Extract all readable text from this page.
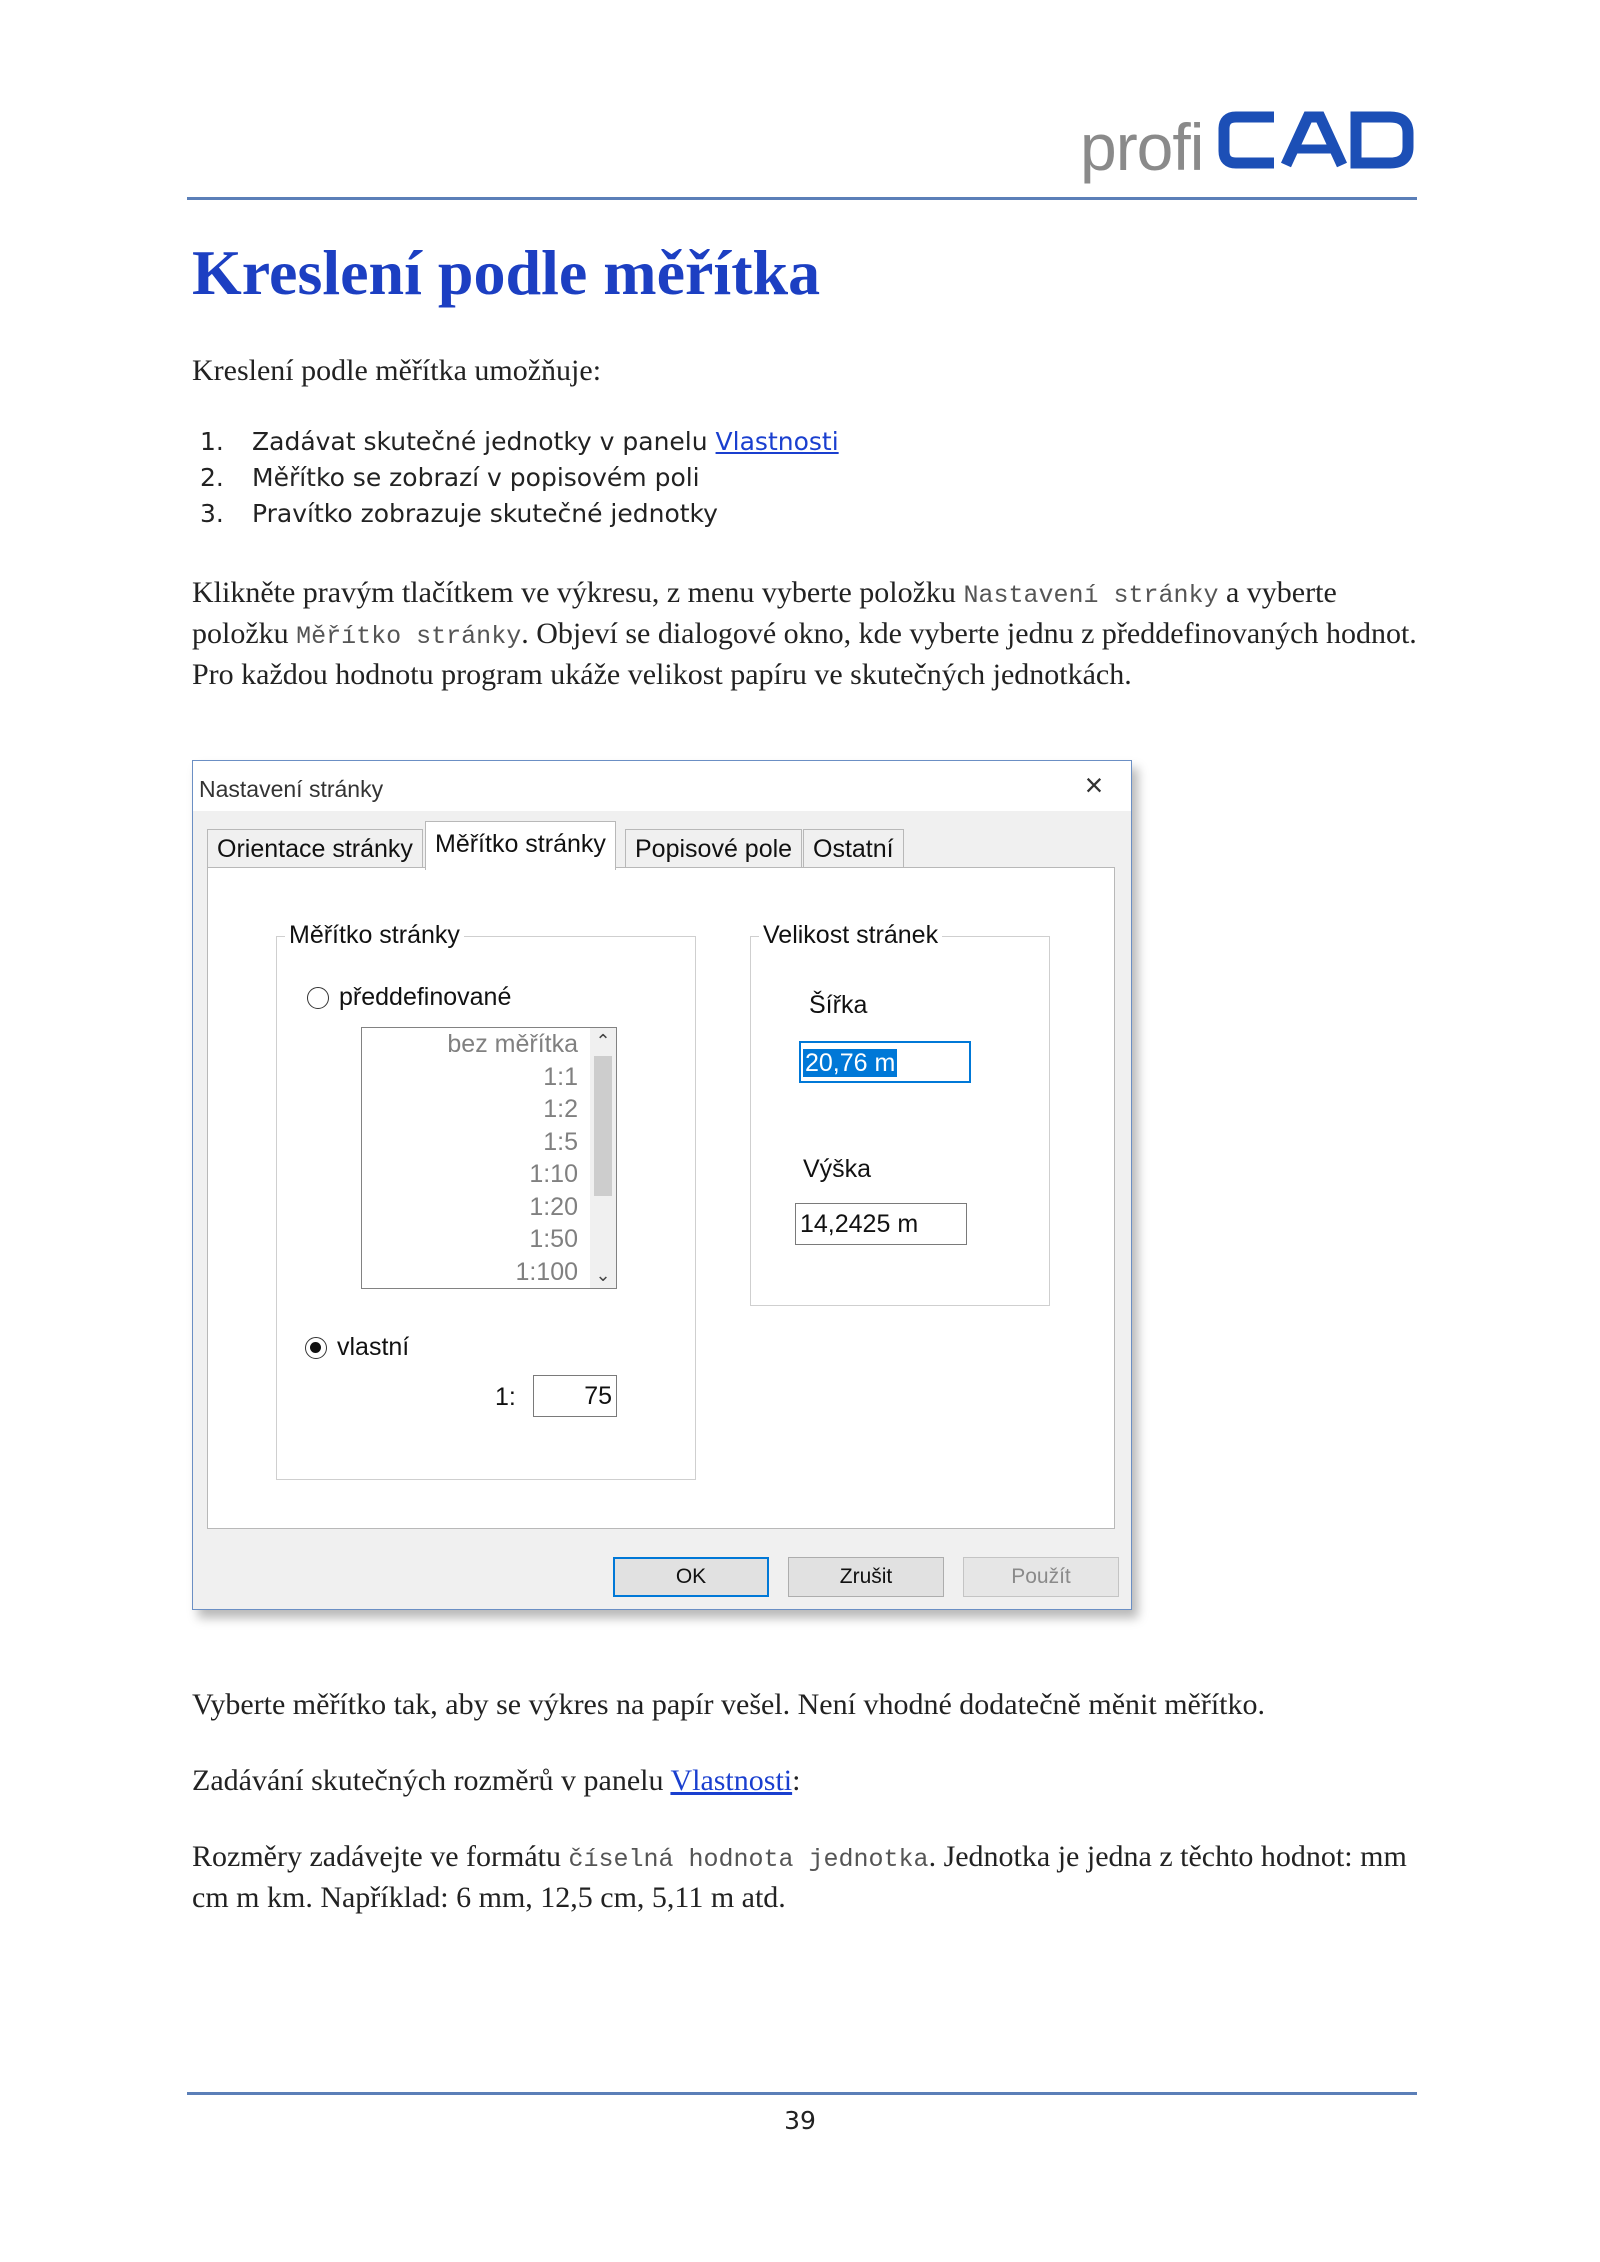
profi
Kreslení podle měřítka

Kreslení podle měřítka umožňuje:

1. Zadávat skutečné jednotky v panelu Vlastnosti
2. Měřítko se zobrazí v popisovém poli
3. Pravítko zobrazuje skutečné jednotky

Klikněte pravým tlačítkem ve výkresu, z menu vyberte položku Nastavení stránky a vyberte položku Měřítko stránky. Objeví se dialogové okno, kde vyberte jednu z předdefinovaných hodnot. Pro každou hodnotu program ukáže velikost papíru ve skutečných jednotkách.

Nastavení stránky	×
Orientace stránky Měřítko stránky	Popisové pole Ostatní
Měřítko stránky
předdefinované
bez měřítka
1:1
1:2
1:5
1:10
1:20
1:50
1:100
⌃
⌄
vlastní
1:	75
Velikost stránek
Šířka
20,76 m
Výška
14,2425 m
OK	Zrušit	Použít

Vyberte měřítko tak, aby se výkres na papír vešel. Není vhodné dodatečně měnit měřítko.

Zadávání skutečných rozměrů v panelu Vlastnosti:

Rozměry zadávejte ve formátu číselná hodnota jednotka. Jednotka je jedna z těchto hodnot: mm cm m km. Například: 6 mm, 12,5 cm, 5,11 m atd.

39
